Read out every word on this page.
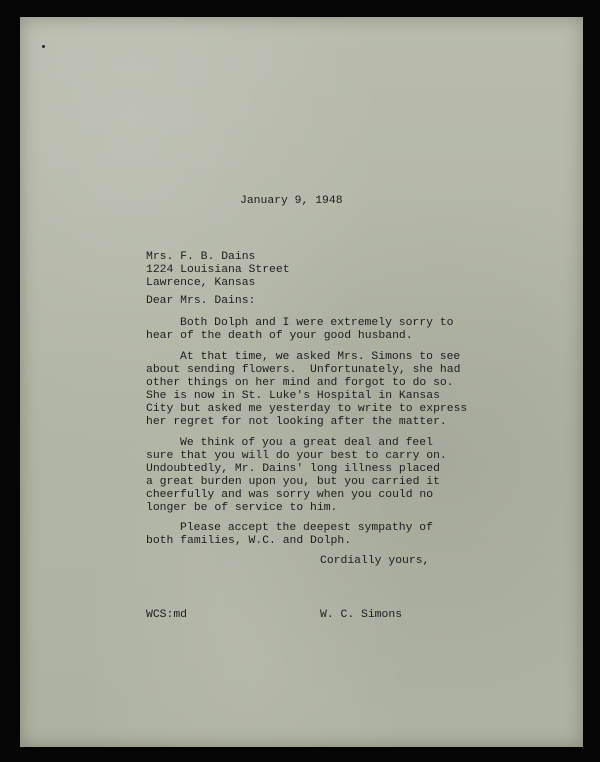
January 9, 1948
Mrs. F. B. Dains
1224 Louisiana Street
Lawrence, Kansas
Dear Mrs. Dains:
Both Dolph and I were extremely sorry to
hear of the death of your good husband.
At that time, we asked Mrs. Simons to see
about sending flowers.  Unfortunately, she had
other things on her mind and forgot to do so.
She is now in St. Luke's Hospital in Kansas
City but asked me yesterday to write to express
her regret for not looking after the matter.
We think of you a great deal and feel
sure that you will do your best to carry on.
Undoubtedly, Mr. Dains' long illness placed
a great burden upon you, but you carried it
cheerfully and was sorry when you could no
longer be of service to him.
Please accept the deepest sympathy of
both families, W.C. and Dolph.
Cordially yours,
WCS:md	W. C. Simons
